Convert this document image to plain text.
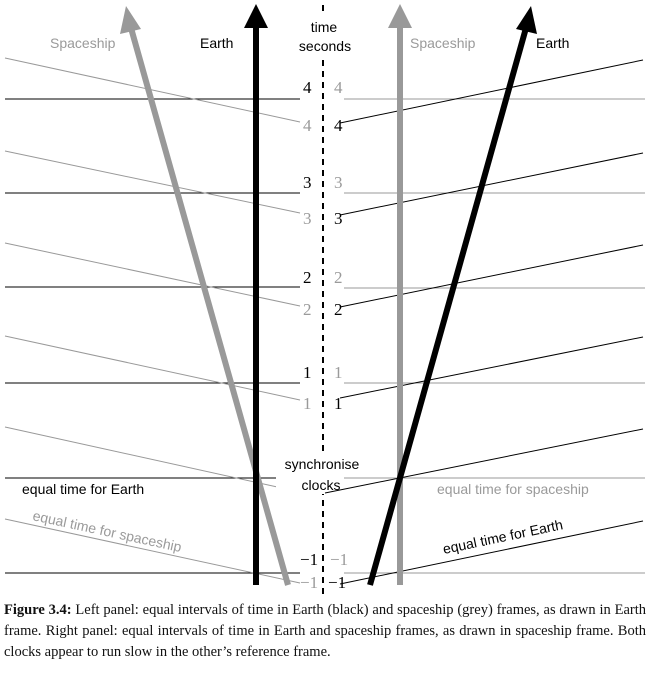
Spaceship	Earth
equal time for Earth
equal time for spaceship
4
3
2
1
−1
4
3
2
1
−1
time
seconds
synchronise
clocks
Spaceship	Earth
equal time for spaceship
equal time for Earth
4
3
2
1
−1
4
3
2
1
−1

Figure 3.4: Left panel: equal intervals of time in Earth (black) and spaceship (grey) frames, as drawn in Earth frame. Right panel: equal intervals of time in Earth and spaceship frames, as drawn in spaceship frame. Both clocks appear to run slow in the other’s reference frame.
